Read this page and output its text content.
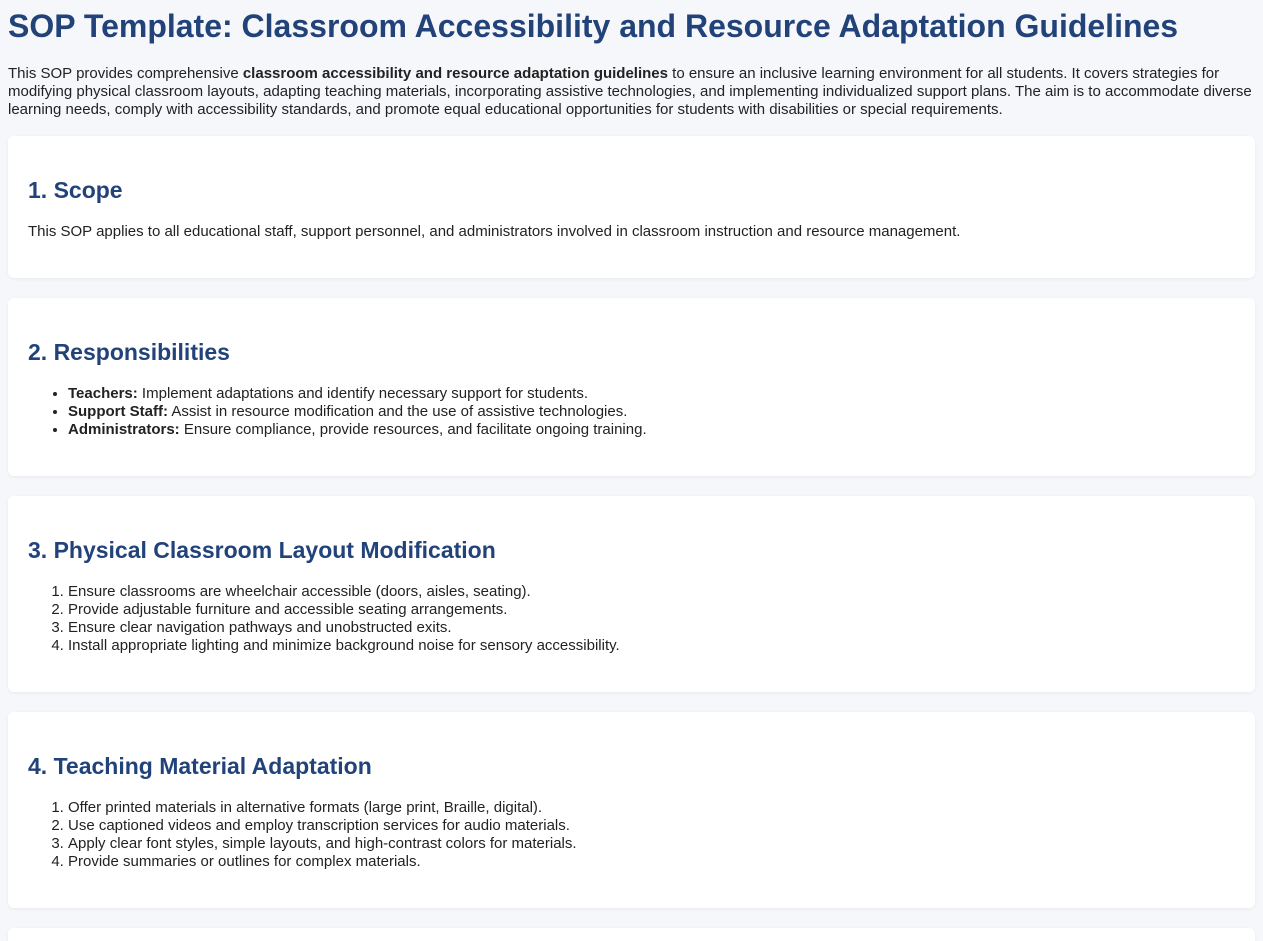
SOP Template: Classroom Accessibility and Resource Adaptation Guidelines

This SOP provides comprehensive classroom accessibility and resource adaptation guidelines to ensure an inclusive learning environment for all students. It covers strategies for modifying physical classroom layouts, adapting teaching materials, incorporating assistive technologies, and implementing individualized support plans. The aim is to accommodate diverse learning needs, comply with accessibility standards, and promote equal educational opportunities for students with disabilities or special requirements.

1. Scope

This SOP applies to all educational staff, support personnel, and administrators involved in classroom instruction and resource management.

2. Responsibilities
• Teachers: Implement adaptations and identify necessary support for students.
• Support Staff: Assist in resource modification and the use of assistive technologies.
• Administrators: Ensure compliance, provide resources, and facilitate ongoing training.
3. Physical Classroom Layout Modification
1. Ensure classrooms are wheelchair accessible (doors, aisles, seating).
2. Provide adjustable furniture and accessible seating arrangements.
3. Ensure clear navigation pathways and unobstructed exits.
4. Install appropriate lighting and minimize background noise for sensory accessibility.
4. Teaching Material Adaptation
1. Offer printed materials in alternative formats (large print, Braille, digital).
2. Use captioned videos and employ transcription services for audio materials.
3. Apply clear font styles, simple layouts, and high-contrast colors for materials.
4. Provide summaries or outlines for complex materials.
